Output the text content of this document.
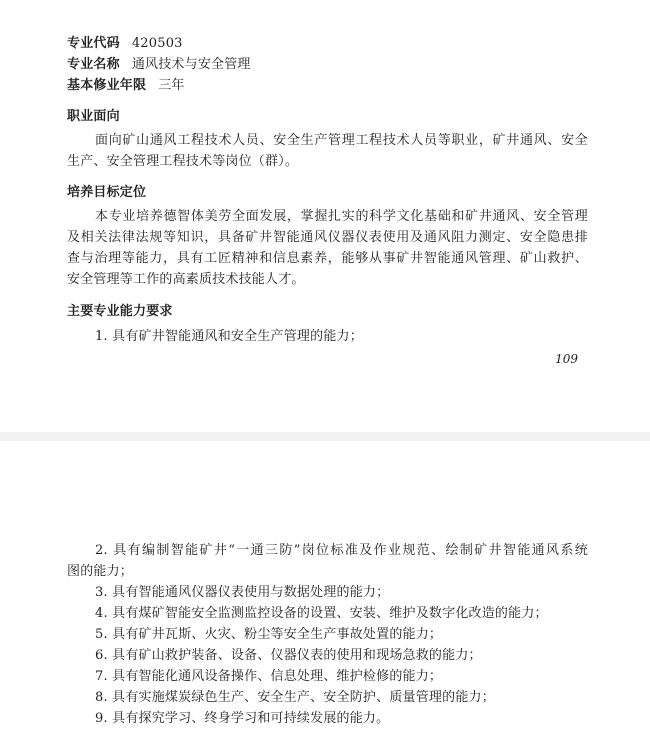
专业代码 420503
专业名称 通风技术与安全管理
基本修业年限 三年
职业面向
面向矿山通风工程技术人员、安全生产管理工程技术人员等职业，矿井通风、安全
生产、安全管理工程技术等岗位（群）。
培养目标定位
本专业培养德智体美劳全面发展，掌握扎实的科学文化基础和矿井通风、安全管理
及相关法律法规等知识，具备矿井智能通风仪器仪表使用及通风阻力测定、安全隐患排
查与治理等能力，具有工匠精神和信息素养，能够从事矿井智能通风管理、矿山救护、
安全管理等工作的高素质技术技能人才。
主要专业能力要求
1. 具有矿井智能通风和安全生产管理的能力；
109
2. 具有编制智能矿井“一通三防”岗位标准及作业规范、绘制矿井智能通风系统
图的能力；
3. 具有智能通风仪器仪表使用与数据处理的能力；
4. 具有煤矿智能安全监测监控设备的设置、安装、维护及数字化改造的能力；
5. 具有矿井瓦斯、火灾、粉尘等安全生产事故处置的能力；
6. 具有矿山救护装备、设备、仪器仪表的使用和现场急救的能力；
7. 具有智能化通风设备操作、信息处理、维护检修的能力；
8. 具有实施煤炭绿色生产、安全生产、安全防护、质量管理的能力；
9. 具有探究学习、终身学习和可持续发展的能力。
